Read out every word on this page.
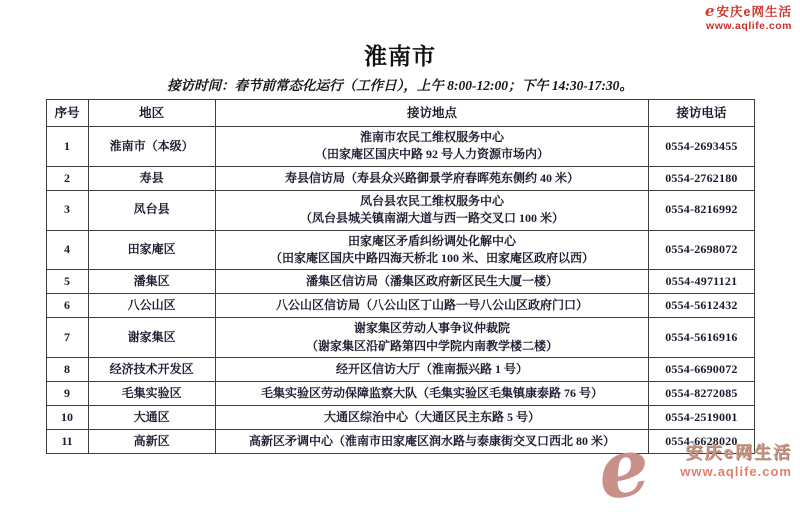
e 安庆e网生活
www.aqlife.com
淮南市
接访时间：春节前常态化运行（工作日），上午 8:00-12:00；下午 14:30-17:30。
序号	地区	接访地点	接访电话
1	淮南市（本级）	淮南市农民工维权服务中心
（田家庵区国庆中路 92 号人力资源市场内）	0554-2693455
2	寿县	寿县信访局（寿县众兴路御景学府春晖苑东侧约 40 米）	0554-2762180
3	凤台县	凤台县农民工维权服务中心
（凤台县城关镇南湖大道与西一路交叉口 100 米）	0554-8216992
4	田家庵区	田家庵区矛盾纠纷调处化解中心
（田家庵区国庆中路四海天桥北 100 米、田家庵区政府以西）	0554-2698072
5	潘集区	潘集区信访局（潘集区政府新区民生大厦一楼）	0554-4971121
6	八公山区	八公山区信访局（八公山区丁山路一号八公山区政府门口）	0554-5612432
7	谢家集区	谢家集区劳动人事争议仲裁院
（谢家集区沿矿路第四中学院内南教学楼二楼）	0554-5616916
8	经济技术开发区	经开区信访大厅（淮南振兴路 1 号）	0554-6690072
9	毛集实验区	毛集实验区劳动保障监察大队（毛集实验区毛集镇康泰路 76 号）	0554-8272085
10	大通区	大通区综治中心（大通区民主东路 5 号）	0554-2519001
11	高新区	高新区矛调中心（淮南市田家庵区润水路与泰康街交叉口西北 80 米）	0554-6628020
e	安庆e网生活
www.aqlife.com
